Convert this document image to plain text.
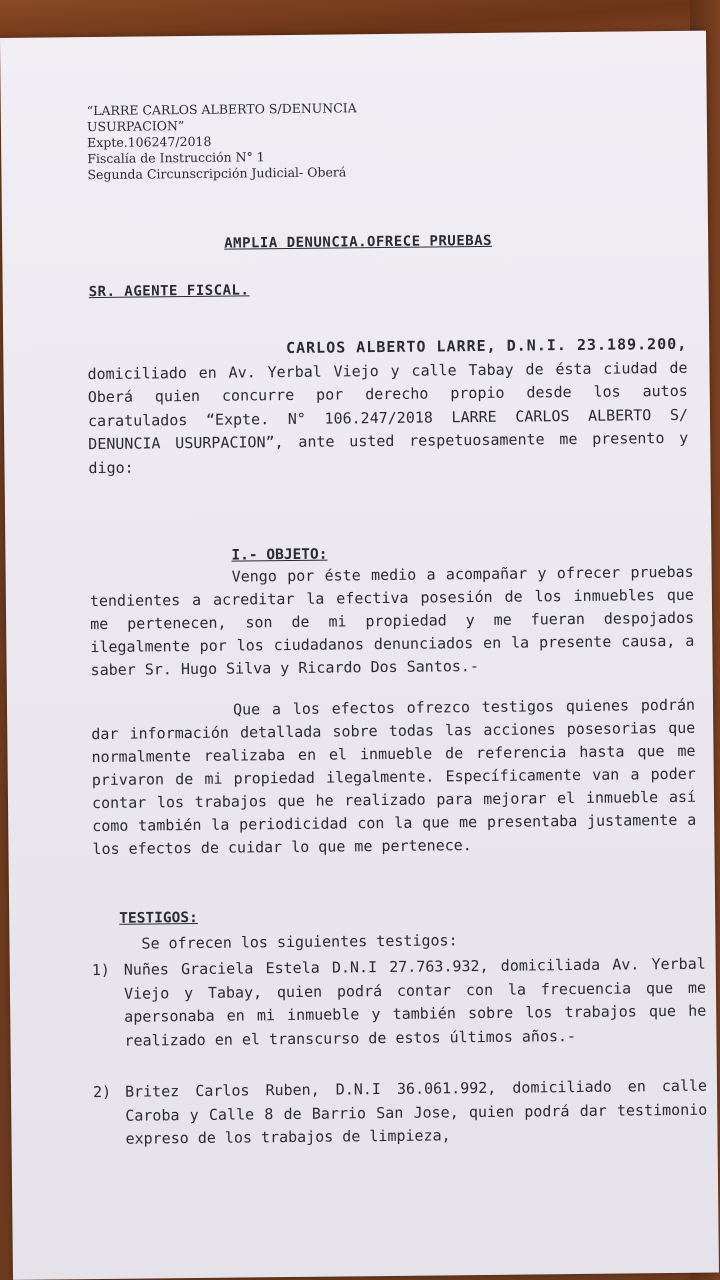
“LARRE CARLOS ALBERTO S/DENUNCIA
USURPACION”
Expte.106247/2018
Fiscalía de Instrucción N° 1
Segunda Circunscripción Judicial- Oberá
AMPLIA DENUNCIA.OFRECE PRUEBAS
SR. AGENTE FISCAL.
CARLOS ALBERTO LARRE, D.N.I. 23.189.200,
domiciliado en Av. Yerbal Viejo y calle Tabay de ésta ciudad de Oberá quien concurre por derecho propio desde los autos caratulados “Expte. N° 106.247/2018 LARRE CARLOS ALBERTO S/ DENUNCIA USURPACION”, ante usted respetuosamente me presento y digo:
I.- OBJETO:
Vengo por éste medio a acompañar y ofrecer pruebas tendientes a acreditar la efectiva posesión de los inmuebles que me pertenecen, son de mi propiedad y me fueran despojados ilegalmente por los ciudadanos denunciados en la presente causa, a saber Sr. Hugo Silva y Ricardo Dos Santos.-
Que a los efectos ofrezco testigos quienes podrán dar información detallada sobre todas las acciones posesorias que normalmente realizaba en el inmueble de referencia hasta que me privaron de mi propiedad ilegalmente. Específicamente van a poder contar los trabajos que he realizado para mejorar el inmueble así como también la periodicidad con la que me presentaba justamente a los efectos de cuidar lo que me pertenece.
TESTIGOS:
Se ofrecen los siguientes testigos:
1) Nuñes Graciela Estela D.N.I 27.763.932, domiciliada Av. Yerbal Viejo y Tabay, quien podrá contar con la frecuencia que me apersonaba en mi inmueble y también sobre los trabajos que he realizado en el transcurso de estos últimos años.-
2) Britez Carlos Ruben, D.N.I 36.061.992, domiciliado en calle Caroba y Calle 8 de Barrio San Jose, quien podrá dar testimonio expreso de los trabajos de limpieza,
